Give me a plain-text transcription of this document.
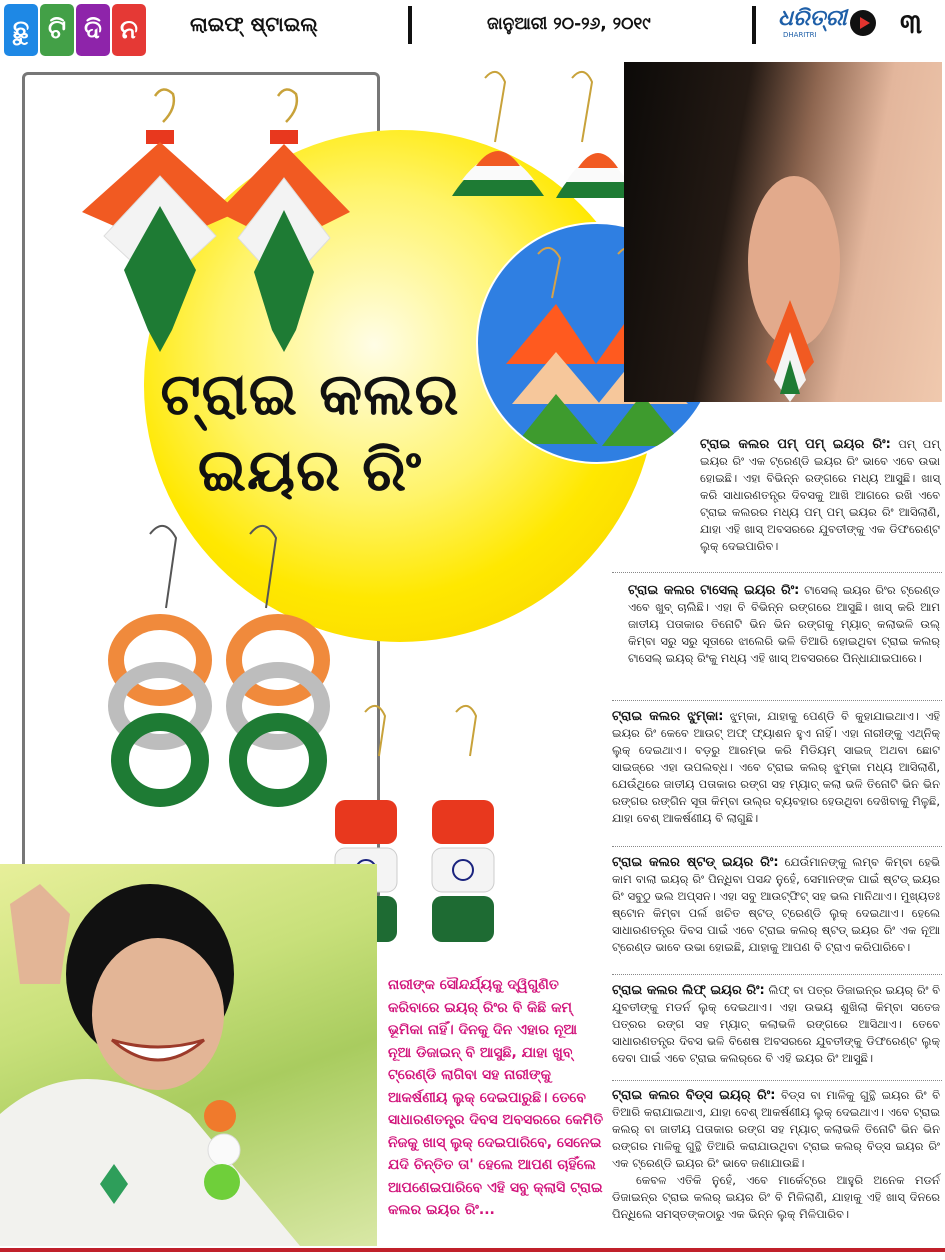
ଛୁ ଟି ଦି ନ	ଲାଇଫ୍ ଷ୍ଟାଇଲ୍	ଜାନୁଆରୀ ୨୦-୨୬, ୨୦୧୯	ଧରିତ୍ରୀ
DHARITRI	୩
ଟ୍ରାଇ କଲର
ଇୟର ରିଂ	ଟ୍ରାଇ କଲର ପମ୍ ପମ୍ ଇୟର ରିଂ: ପମ୍ ପମ୍ ଇୟର ରିଂ ଏକ ଟ୍ରେଣ୍ଡି ଇୟର ରିଂ ଭାବେ ଏବେ ଉଭା ହୋଇଛି। ଏହା ବିଭିନ୍ନ ରଙ୍ଗରେ ମଧ୍ୟ ଆସୁଛି। ଖାସ୍ କରି ସାଧାରଣତନ୍ତ୍ର ଦିବସକୁ ଆଖି ଆଗରେ ରଖି ଏବେ ଟ୍ରାଇ କଲରର ମଧ୍ୟ ପମ୍ ପମ୍ ଇୟର ରିଂ ଆସିଲାଣି, ଯାହା ଏହି ଖାସ୍ ଅବସରରେ ଯୁବତୀଙ୍କୁ ଏକ ଡିଫରେଣ୍ଟ ଲୁକ୍ ଦେଇପାରିବ।
ଟ୍ରାଇ କଲର ଟାସେଲ୍ ଇୟର ରିଂ: ଟାସେଲ୍ ଇୟର ରିଂର ଟ୍ରେଣ୍ଡ ଏବେ ଖୁବ୍ ଚାଲିଛି। ଏହା ବି ବିଭିନ୍ନ ରଙ୍ଗରେ ଆସୁଛି। ଖାସ୍ କରି ଆମ ଜାତୀୟ ପତାକାର ତିନୋଟି ଭିନ ଭିନ ରଙ୍ଗକୁ ମ୍ୟାଚ୍ କଲାଭଳି ଉଲ୍ କିମ୍ବା ସରୁ ସରୁ ସୂତାରେ ଝାଲେରି ଭଳି ତିଆରି ହୋଇଥିବା ଟ୍ରାଇ କଲର୍ ଟାସେଲ୍ ଇୟର୍ ରିଂକୁ ମଧ୍ୟ ଏହି ଖାସ୍ ଅବସରରେ ପିନ୍ଧାଯାଇପାରେ।
ଟ୍ରାଇ କଲର ଝୁମ୍କା: ଝୁମ୍କା, ଯାହାକୁ ପେଣ୍ଡି ବି କୁହାଯାଇଥାଏ। ଏହି ଇୟର ରିଂ କେବେ ଆଉଟ୍ ଅଫ୍ ଫ୍ୟାଶନ ହୁଏ ନାହିଁ। ଏହା ନାରୀଙ୍କୁ ଏଥ୍ନିକ୍ ଲୁକ୍ ଦେଇଥାଏ। ବଡ଼ରୁ ଆରମ୍ଭ କରି ମିଡିୟମ୍ ସାଇଜ୍ ଅଥବା ଛୋଟ ସାଇଜ୍‌ରେ ଏହା ଉପଲବ୍ଧ। ଏବେ ଟ୍ରାଇ କଲର୍ ଝୁମ୍କା ମଧ୍ୟ ଆସିଲାଣି, ଯେଉଁଥିରେ ଜାତୀୟ ପତାକାର ରଙ୍ଗ ସହ ମ୍ୟାଚ୍ କଲା ଭଳି ତିନୋଟି ଭିନ ଭିନ ରଙ୍ଗର ରଙ୍ଗିନ ସୂତା କିମ୍ବା ଉଲ୍‌ର ବ୍ୟବହାର ହେଉଥିବା ଦେଖିବାକୁ ମିଳୁଛି, ଯାହା ବେଶ୍ ଆକର୍ଷଣୀୟ ବି ଲାଗୁଛି।
ଟ୍ରାଇ କଲର ଷ୍ଟଡ୍ ଇୟର ରିଂ: ଯେଉଁମାନଙ୍କୁ ଲମ୍ବ କିମ୍ବା ହେଭି କାମ ବାଲା ଇୟର୍ ରିଂ ପିନ୍ଧିବା ପସନ୍ଦ ନୁହେଁ, ସେମାନଙ୍କ ପାଇଁ ଷ୍ଟଡ୍ ଇୟର ରିଂ ସବୁଠୁ ଭଲ ଅପ୍ସନ। ଏହା ସବୁ ଆଉଟ୍‌ଫିଟ୍ ସହ ଭଲ ମାନିଥାଏ। ମୁଖ୍ୟତଃ ଷ୍ଟୋନ କିମ୍ବା ପର୍ଲ ଖଚିତ ଷ୍ଟଡ୍ ଟ୍ରେଣ୍ଡି ଲୁକ୍ ଦେଇଥାଏ। ହେଲେ ସାଧାରଣତନ୍ତ୍ର ଦିବସ ପାଇଁ ଏବେ ଟ୍ରାଇ କଲର୍ ଷ୍ଟଡ୍ ଇୟର ରିଂ ଏକ ନୂଆ ଟ୍ରେଣ୍ଡ ଭାବେ ଉଭା ହୋଇଛି, ଯାହାକୁ ଆପଣ ବି ଟ୍ରାଏ କରିପାରିବେ।
ଟ୍ରାଇ କଲର ଲିଫ୍ ଇୟର ରିଂ: ଲିଫ୍ ବା ପତ୍ର ଡିଜାଇନ୍‌ର ଇୟର୍ ରିଂ ବି ଯୁବତୀଙ୍କୁ ମଡର୍ନ ଲୁକ୍ ଦେଇଥାଏ। ଏହା ଉଭୟ ଶୁଖିଲା କିମ୍ବା ସତେଜ ପତ୍ରର ରଙ୍ଗ ସହ ମ୍ୟାଚ୍ କଲାଭଳି ରଙ୍ଗରେ ଆସିଥାଏ। ତେବେ ସାଧାରଣତନ୍ତ୍ର ଦିବସ ଭଳି ବିଶେଷ ଅବସରରେ ଯୁବତୀଙ୍କୁ ଡିଫରେଣ୍ଟ ଲୁକ୍ ଦେବା ପାଇଁ ଏବେ ଟ୍ରାଇ କଲର୍‌ରେ ବି ଏହି ଇୟର ରିଂ ଆସୁଛି।
ଟ୍ରାଇ କଲର ବିଡ୍ସ ଇୟର୍ ରିଂ: ବିଡ୍ସ ବା ମାଳିକୁ ଗୁନ୍ଥି ଇୟର ରିଂ ବି ତିଆରି କରାଯାଇଥାଏ, ଯାହା ବେଶ୍ ଆକର୍ଷଣୀୟ ଲୁକ୍ ଦେଇଥାଏ। ଏବେ ଟ୍ରାଇ କଲର୍ ବା ଜାତୀୟ ପତାକାର ରଙ୍ଗ ସହ ମ୍ୟାଚ୍ କଲାଭଳି ତିନୋଟି ଭିନ ଭିନ ରଙ୍ଗର ମାଳିକୁ ଗୁନ୍ଥି ତିଆରି କରାଯାଉଥିବା ଟ୍ରାଇ କଲର୍ ବିଡ୍ସ ଇୟର ରିଂ ଏକ ଟ୍ରେଣ୍ଡି ଇୟର ରିଂ ଭାବେ ଜଣାଯାଉଛି।
କେବଳ ଏତିକି ନୁହେଁ, ଏବେ ମାର୍କେଟ୍‌ରେ ଆହୁରି ଅନେକ ମଡର୍ନ ଡିଜାଇନ୍‌ର ଟ୍ରାଇ କଲର୍ ଇୟର ରିଂ ବି ମିଳିଲାଣି, ଯାହାକୁ ଏହି ଖାସ୍ ଦିନରେ ପିନ୍ଧିଲେ ସମସ୍ତଙ୍କଠାରୁ ଏକ ଭିନ୍ନ ଲୁକ୍ ମିଳିପାରିବ।
ନାରୀଙ୍କ ସୌନ୍ଦର୍ଯ୍ୟକୁ ଦ୍ୱିଗୁଣିତ କରିବାରେ ଇୟର୍ ରିଂର ବି କିଛି କମ୍ ଭୂମିକା ନାହିଁ। ଦିନକୁ ଦିନ ଏହାର ନୂଆ ନୂଆ ଡିଜାଇନ୍ ବି ଆସୁଛି, ଯାହା ଖୁବ୍ ଟ୍ରେଣ୍ଡି ଲାଗିବା ସହ ନାରୀଙ୍କୁ ଆକର୍ଷଣୀୟ ଲୁକ୍ ଦେଇପାରୁଛି। ତେବେ ସାଧାରଣତନ୍ତ୍ର ଦିବସ ଅବସରରେ କେମିତି ନିଜକୁ ଖାସ୍ ଲୁକ୍ ଦେଇପାରିବେ, ସେନେଇ ଯଦି ଚିନ୍ତିତ ତା' ହେଲେ ଆପଣ ଚାହିଁଲେ ଆପଣେଇପାରିବେ ଏହି ସବୁ କ୍ଲାସି ଟ୍ରାଇ କଲର ଇୟର ରିଂ...
